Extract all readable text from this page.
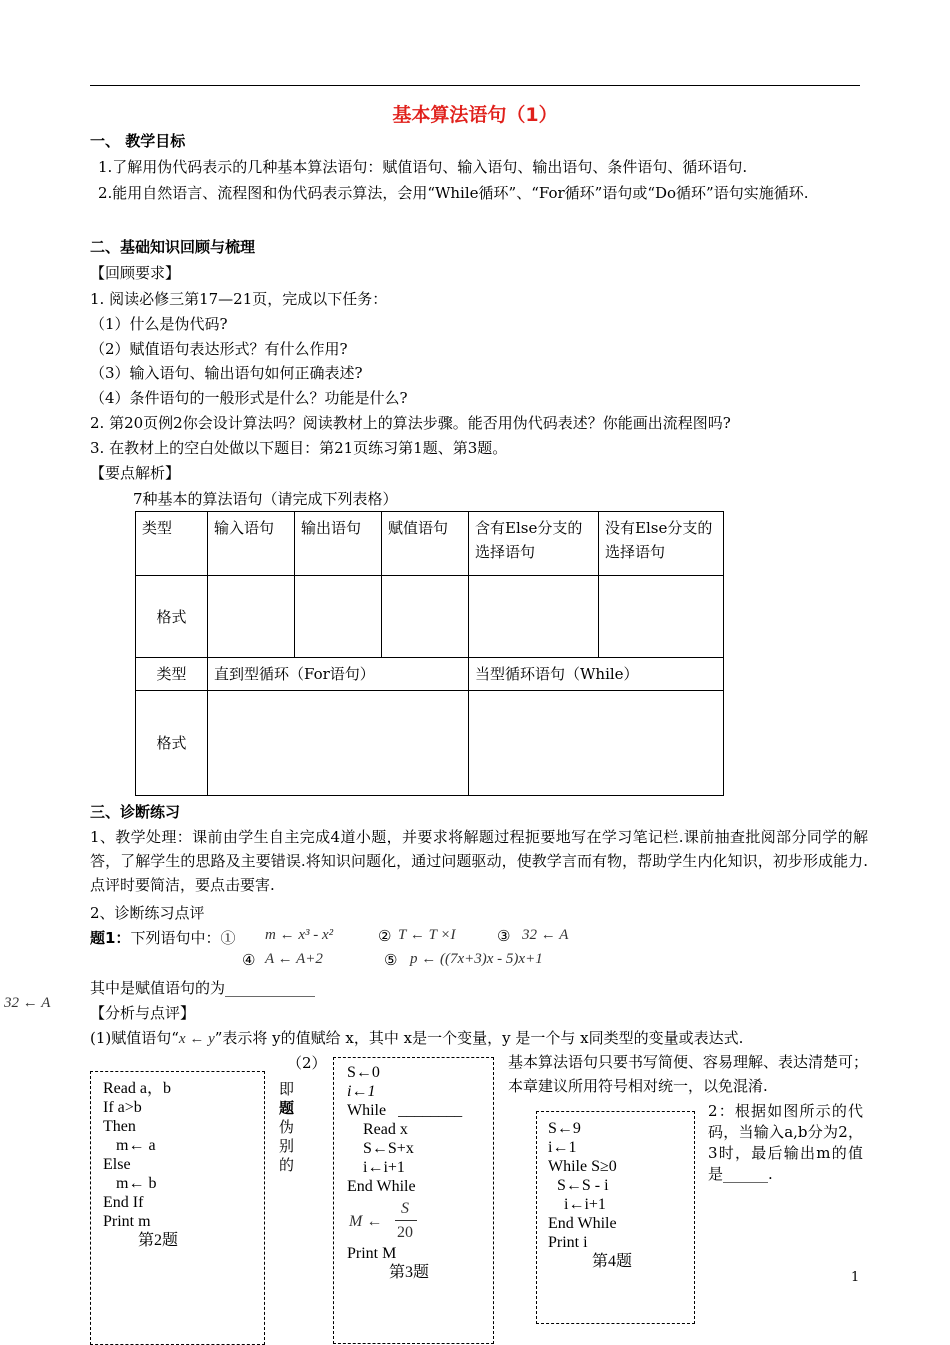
基本算法语句（1）
一、 教学目标
1.了解用伪代码表示的几种基本算法语句：赋值语句、输入语句、输出语句、条件语句、循环语句.
2.能用自然语言、流程图和伪代码表示算法，会用“While循环”、“For循环”语句或“Do循环”语句实施循环.
二、基础知识回顾与梳理
【回顾要求】
1. 阅读必修三第17—21页，完成以下任务：
（1）什么是伪代码?
（2）赋值语句表达形式？有什么作用?
（3）输入语句、输出语句如何正确表述?
（4）条件语句的一般形式是什么？功能是什么?
2. 第20页例2你会设计算法吗？阅读教材上的算法步骤。能否用伪代码表述？你能画出流程图吗?
3. 在教材上的空白处做以下题目：第21页练习第1题、第3题。
【要点解析】
7种基本的算法语句（请完成下列表格）
类型	输入语句	输出语句	赋值语句	含有Else分支的选择语句	没有Else分支的选择语句
格式					
类型	直到型循环（For语句）			当型循环语句（While）	
格式					
三、诊断练习
1、教学处理：课前由学生自主完成4道小题，并要求将解题过程扼要地写在学习笔记栏.课前抽查批阅部分同学的解答，了解学生的思路及主要错误.将知识问题化，通过问题驱动，使教学言而有物，帮助学生内化知识，初步形成能力.点评时要简洁，要点击要害.
2、诊断练习点评
题1：下列语句中：① m ← x³ - x²	② T ← T ×I	③ 32 ← A
④ A ← A+2	⑤ p ← ((7x+3)x - 5)x+1
其中是赋值语句的为____________
32 ← A
【分析与点评】
(1)赋值语句“x ← y”表示将 y的值赋给 x，其中 x是一个变量，y 是一个与 x同类型的变量或表达式.
（2）	基本算法语句只要书写简便、容易理解、表达清楚可；本章建议所用符号相对统一，以免混淆.
即
题
伪
别
的
Read a，b
If a>b
Then
m← a
Else
m← b
End If
Print m
第2题
S←0
i←1
While ________
Read x
S←S+x
i←i+1
End While
M ←
S
20
Print M
第3题
S←9
i←1
While S≥0
S←S - i
i←i+1
End While
Print i
第4题
2：根据如图所示的代码，当输入a,b分为2，3时，最后输出m的值是______.
1
